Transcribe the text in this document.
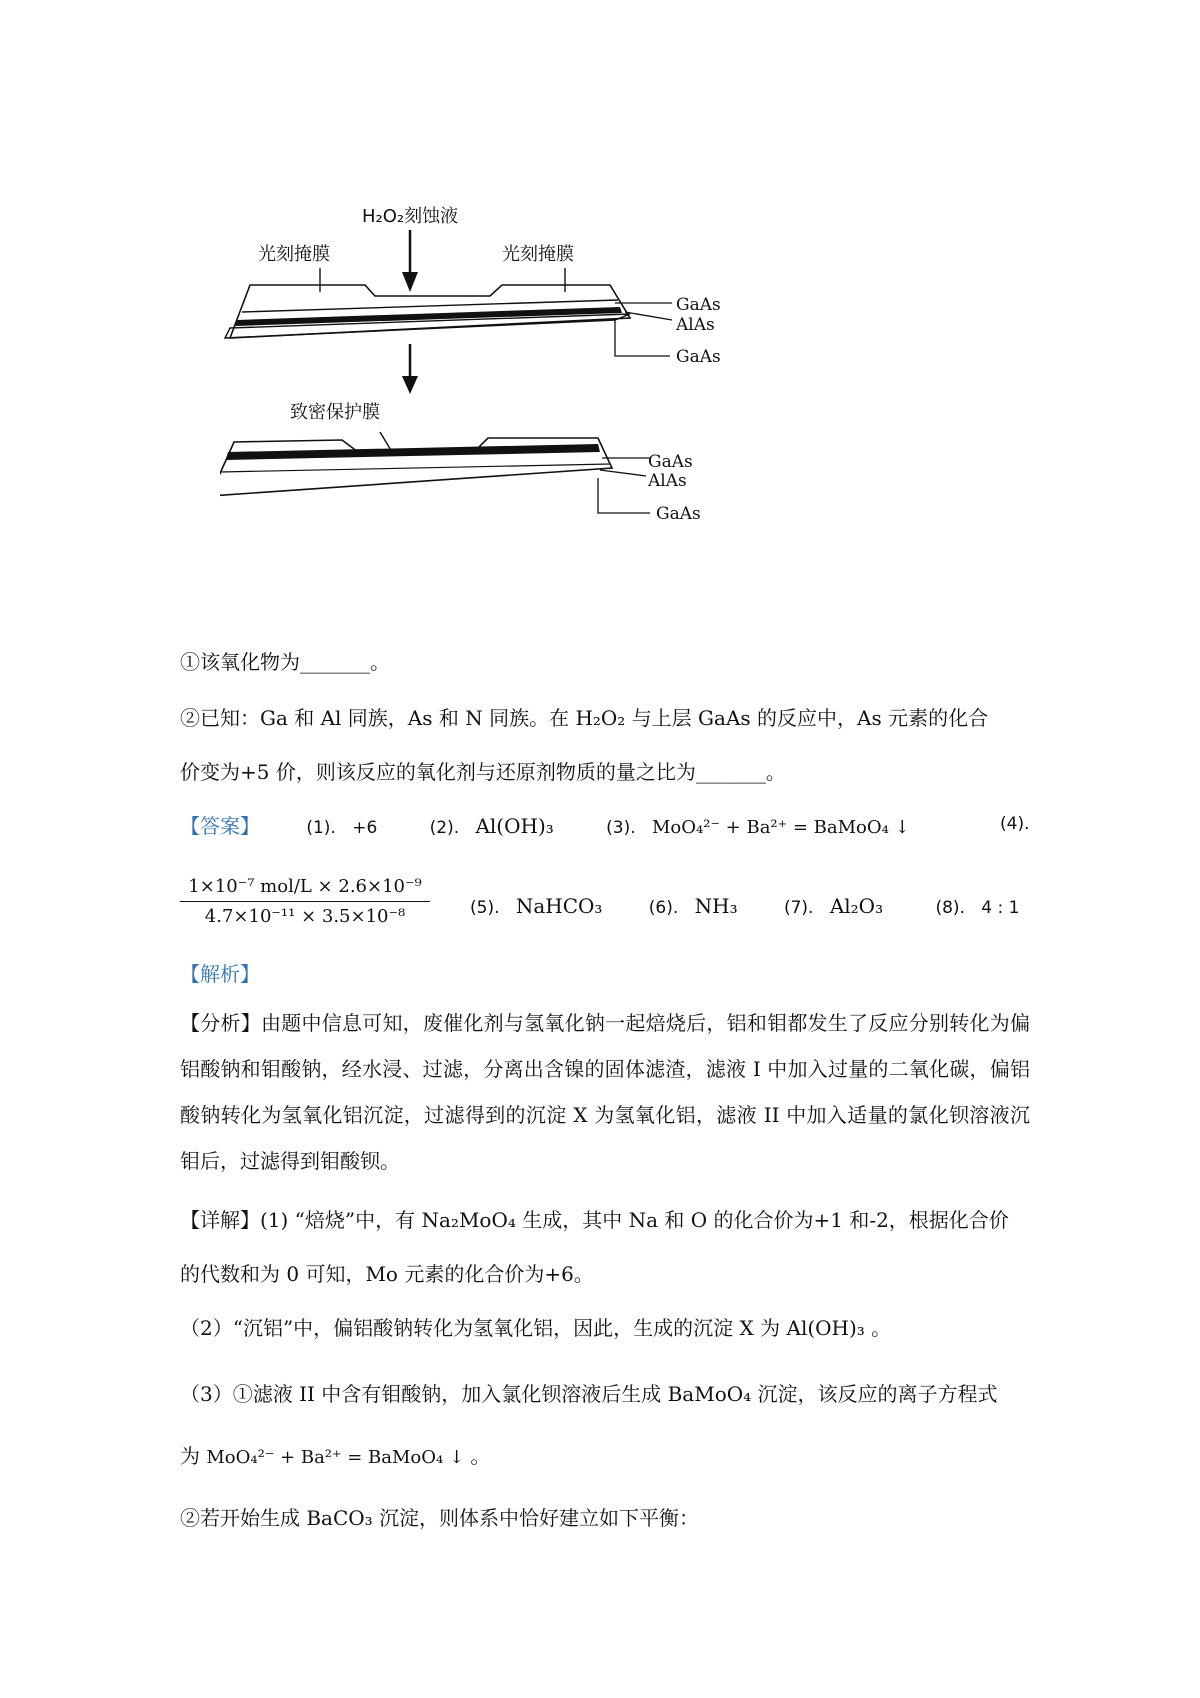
H₂O₂刻蚀液
光刻掩膜	光刻掩膜
GaAs
AlAs
GaAs
致密保护膜
GaAs
AlAs
GaAs
①该氧化物为_______。
②已知：Ga 和 Al 同族，As 和 N 同族。在 H₂O₂ 与上层 GaAs 的反应中，As 元素的化合
价变为+5 价，则该反应的氧化剂与还原剂物质的量之比为_______。
【答案】	(1). +6	(2). Al(OH)₃	(3). MoO₄²⁻ + Ba²⁺ = BaMoO₄ ↓	(4).
1×10⁻⁷ mol/L × 2.6×10⁻⁹
4.7×10⁻¹¹ × 3.5×10⁻⁸	(5). NaHCO₃	(6). NH₃	(7). Al₂O₃	(8). 4 : 1
【解析】
【分析】由题中信息可知，废催化剂与氢氧化钠一起焙烧后，铝和钼都发生了反应分别转化为偏铝酸钠和钼酸钠，经水浸、过滤，分离出含镍的固体滤渣，滤液 I 中加入过量的二氧化碳，偏铝酸钠转化为氢氧化铝沉淀，过滤得到的沉淀 X 为氢氧化铝，滤液 II 中加入适量的氯化钡溶液沉钼后，过滤得到钼酸钡。
【详解】(1) “焙烧”中，有 Na₂MoO₄ 生成，其中 Na 和 O 的化合价为+1 和-2，根据化合价
的代数和为 0 可知，Mo 元素的化合价为+6。
（2）“沉铝”中，偏铝酸钠转化为氢氧化铝，因此，生成的沉淀 X 为 Al(OH)₃ 。
（3）①滤液 II 中含有钼酸钠，加入氯化钡溶液后生成 BaMoO₄ 沉淀，该反应的离子方程式
为 MoO₄²⁻ + Ba²⁺ = BaMoO₄ ↓ 。
②若开始生成 BaCO₃ 沉淀，则体系中恰好建立如下平衡：
